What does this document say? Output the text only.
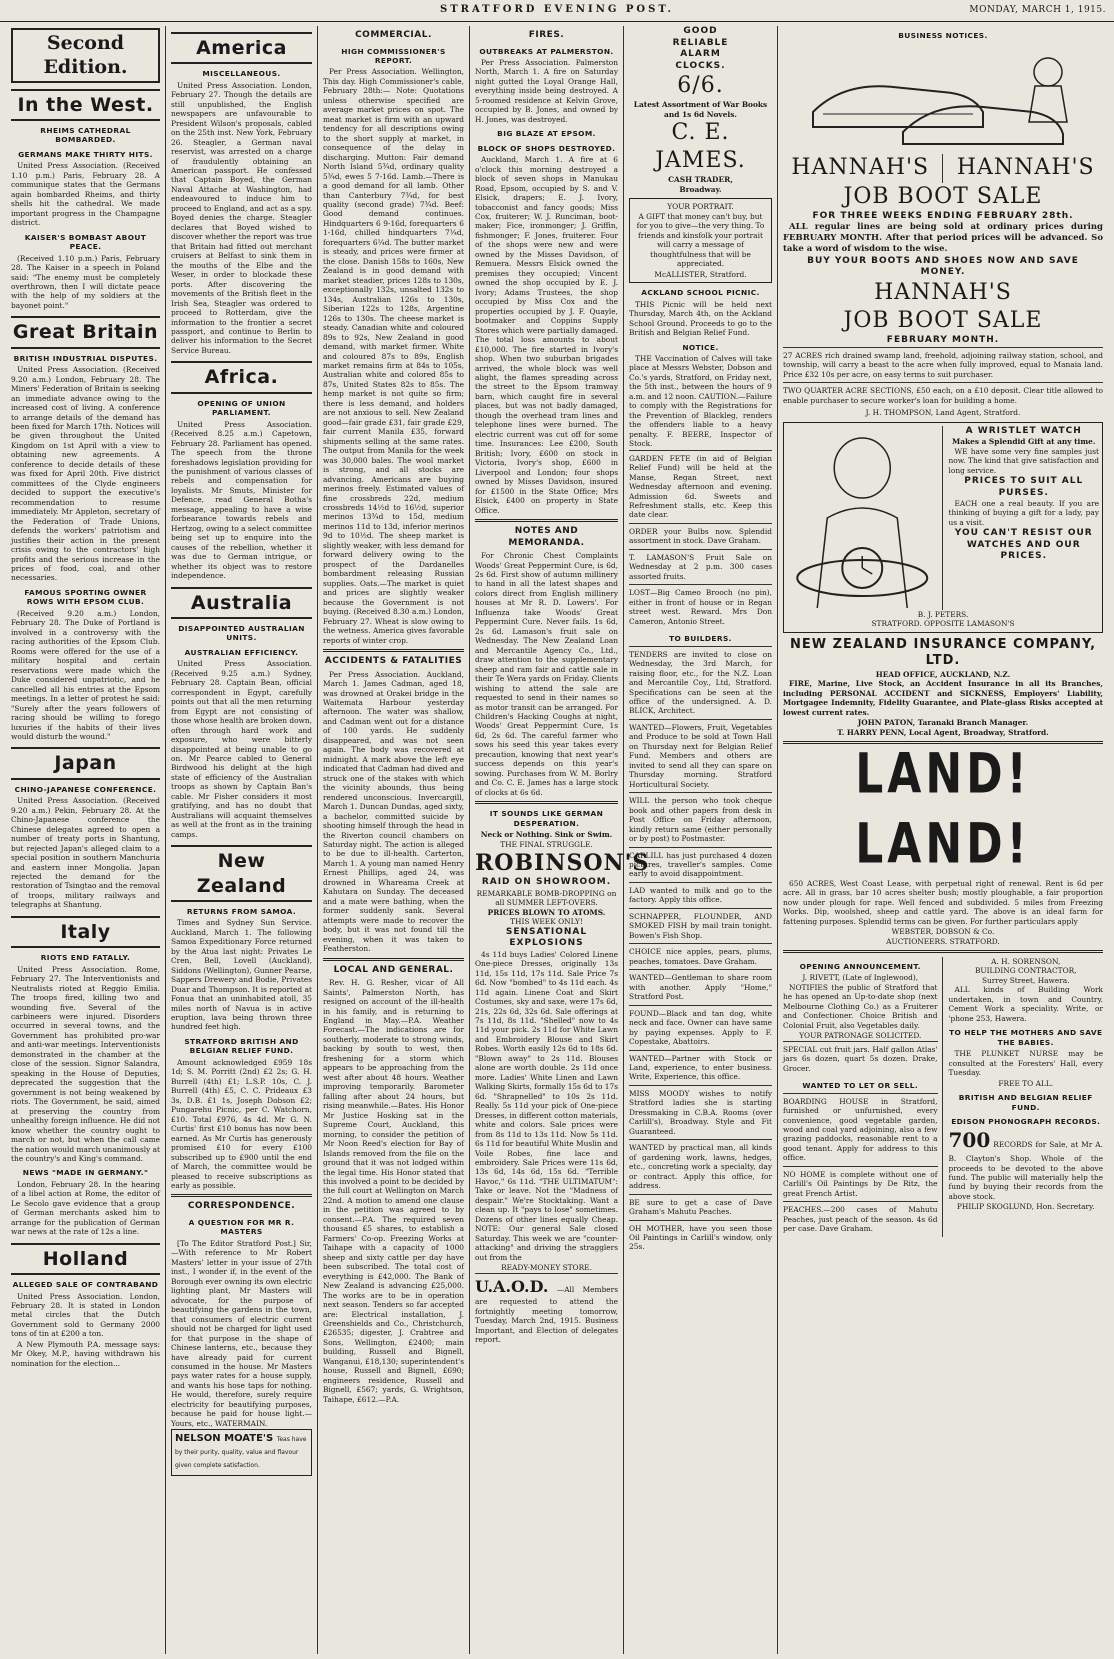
STRATFORD EVENING POST.	MONDAY, MARCH 1, 1915.
Second Edition.
In the West.
RHEIMS CATHEDRAL BOMBARDED.
GERMANS MAKE THIRTY HITS.

United Press Association. (Received 1.10 p.m.) Paris, February 28. A communique states that the Germans again bombarded Rheims, and thirty shells hit the cathedral. We made important progress in the Champagne district.

KAISER'S BOMBAST ABOUT PEACE.

(Received 1.10 p.m.) Paris, February 28. The Kaiser in a speech in Poland said: "The enemy must be completely overthrown, then I will dictate peace with the help of my soldiers at the bayonet point."

Great Britain
BRITISH INDUSTRIAL DISPUTES.

United Press Association. (Received 9.20 a.m.) London, February 28. The Miners' Federation of Britain is seeking an immediate advance owing to the increased cost of living. A conference to arrange details of the demand has been fixed for March 17th. Notices will be given throughout the United Kingdom on 1st April with a view to obtaining new agreements. A conference to decide details of these was fixed for April 20th. Five district committees of the Clyde engineers decided to support the executive's recommendation to resume immediately. Mr Appleton, secretary of the Federation of Trade Unions, defends the workers' patriotism and justifies their action in the present crisis owing to the contractors' high profits and the serious increase in the prices of food, coal, and other necessaries.

FAMOUS SPORTING OWNER ROWS WITH EPSOM CLUB.

(Received 9.20 a.m.) London, February 28. The Duke of Portland is involved in a controversy with the racing authorities of the Epsom Club. Rooms were offered for the use of a military hospital and certain reservations were made which the Duke considered unpatriotic, and he cancelled all his entries at the Epsom meetings. In a letter of protest he said: "Surely after the years followers of racing should be willing to forego luxuries if the habits of their lives would disturb the wound."

Japan
CHINO-JAPANESE CONFERENCE.

United Press Association. (Received 9.20 a.m.) Pekin, February 28. At the Chino-Japanese conference the Chinese delegates agreed to open a number of treaty ports in Shantung, but rejected Japan's alleged claim to a special position in southern Manchuria and eastern inner Mongolia. Japan rejected the demand for the restoration of Tsingtao and the removal of troops, military railways and telegraphs at Shantung.

Italy
RIOTS END FATALLY.

United Press Association. Rome, February 27. The Interventionists and Neutralists rioted at Reggio Emilia. The troops fired, killing two and wounding five. Several of the carbineers were injured. Disorders occurred in several towns, and the Government has prohibited pro-war and anti-war meetings. Interventionists demonstrated in the chamber at the close of the session. Signor Salandra, speaking in the House of Deputies, deprecated the suggestion that the government is not being weakened by riots. The Government, he said, aimed at preserving the country from unhealthy foreign influence. He did not know whether the country ought to march or not, but when the call came the nation would march unanimously at the country's and King's command.

NEWS "MADE IN GERMANY."

London, February 28. In the hearing of a libel action at Rome, the editor of Le Secolo gave evidence that a group of German merchants asked him to arrange for the publication of German war news at the rate of 12s a line.

Holland
ALLEGED SALE OF CONTRABAND

United Press Association. London, February 28. It is stated in London metal circles that the Dutch Government sold to Germany 2000 tons of tin at £200 a ton.

A New Plymouth P.A. message says: Mr Okey, M.P., having withdrawn his nomination for the election...

America
MISCELLANEOUS.

United Press Association. London, February 27. Though the details are still unpublished, the English newspapers are unfavourable to President Wilson's proposals, cabled on the 25th inst. New York, February 26. Steagler, a German naval reservist, was arrested on a charge of fraudulently obtaining an American passport. He confessed that Captain Boyed, the German Naval Attache at Washington, had endeavoured to induce him to proceed to England, and act as a spy. Boyed denies the charge. Steagler declares that Boyed wished to discover whether the report was true that Britain had fitted out merchant cruisers at Belfast to sink them in the mouths of the Elbe and the Weser, in order to blockade these ports. After discovering the movements of the British fleet in the Irish Sea, Steagler was ordered to proceed to Rotterdam, give the information to the frontier a secret passport, and continue to Berlin to deliver his information to the Secret Service Bureau.

Africa.
OPENING OF UNION PARLIAMENT.

United Press Association. (Received 8.25 a.m.) Capetown, February 28. Parliament has opened. The speech from the throne foreshadows legislation providing for the punishment of various classes of rebels and compensation for loyalists. Mr Smuts, Minister for Defence, read General Botha's message, appealing to have a wise forbearance towards rebels and Hertzog, owing to a select committee being set up to enquire into the causes of the rebellion, whether it was due to German intrigue, or whether its object was to restore independence.

Australia
DISAPPOINTED AUSTRALIAN UNITS.
AUSTRALIAN EFFICIENCY.

United Press Association. (Received 9.25 a.m.) Sydney, February 28. Captain Bean, official correspondent in Egypt, carefully points out that all the men returning from Egypt are not consisting of those whose health are broken down, often through hard work and exposure, who were bitterly disappointed at being unable to go on. Mr Pearce cabled to General Birdwood his delight at the high state of efficiency of the Australian troops as shown by Captain Ban's cable. Mr Fisher considers it most gratifying, and has no doubt that Australians will acquaint themselves as well at the front as in the training camps.

New Zealand
RETURNS FROM SAMOA.

Times and Sydney Sun Service. Auckland, March 1. The following Samoa Expeditionary Force returned by the Atua last night: Privates Le Cren, Bell, Lovell (Auckland), Siddons (Wellington), Gunner Pearse, Sappers Drewery and Bodie, Privates Duar and Thompson. It is reported at Fonua that an uninhabited atoll, 35 miles north of Navua is in active eruption, lava being thrown three hundred feet high.

STRATFORD BRITISH AND BELGIAN RELIEF FUND.

Amount acknowledged £959 18s 1d; S. M. Porritt (2nd) £2 2s; G. H. Burrell (4th) £1; L.S.P. 10s, C. J. Burrell (4th) £5, C. C. Prideaux £3 3s, D.B. £1 1s, Joseph Dobson £2; Pungarehu Picnic, per C. Watchorn, £10. Total £976, 4s 4d. Mr G. N. Curtis' first £10 bonus has now been earned. As Mr Curtis has generously promised £10 for every £100 subscribed up to £900 until the end of March, the committee would be pleased to receive subscriptions as early as possible.

CORRESPONDENCE.
A QUESTION FOR MR R. MASTERS

[To The Editor Stratford Post.] Sir,—With reference to Mr Robert Masters' letter in your issue of 27th inst., I wonder if, in the event of the Borough ever owning its own electric lighting plant, Mr Masters will advocate, for the purpose of beautifying the gardens in the town, that consumers of electric current should not be charged for light used for that purpose in the shape of Chinese lanterns, etc., because they have already paid for current consumed in the house. Mr Masters pays water rates for a house supply, and wants his hose taps for nothing. He would, therefore, surely require electricity for beautifying purposes, because he paid for house light.—Yours, etc., WATERMAIN.

NELSON MOATE'S Teas have by their purity, quality, value and flavour given complete satisfaction.
COMMERCIAL.
HIGH COMMISSIONER'S REPORT.

Per Press Association. Wellington, This day. High Commissioner's cable, February 28th:— Note: Quotations unless otherwise specified are average market prices on spot. The meat market is firm with an upward tendency for all descriptions owing to the short supply at market, in consequence of the delay in discharging. Mutton: Fair demand North Island 5¾d, ordinary quality 5¾d, ewes 5 7-16d. Lamb.—There is a good demand for all lamb. Other than Canterbury 7¾d, for best quality (second grade) 7¾d. Beef: Good demand continues. Hindquarters 6 9-16d, forequarters 6 1-16d, chilled hindquarters 7¼d, forequarters 6¼d. The butter market is steady, and prices were firmer at the close. Danish 158s to 160s, New Zealand is in good demand with market steadier, prices 128s to 130s, exceptionally 132s, unsalted 132s to 134s, Australian 126s to 130s, Siberian 122s to 128s, Argentine 126s to 130s. The cheese market is steady. Canadian white and coloured 89s to 92s, New Zealand in good demand, with market firmer. White and coloured 87s to 89s, English market remains firm at 84s to 105s, Australian white and colored 85s to 87s, United States 82s to 85s. The hemp market is not quite so firm; there is less demand, and holders are not anxious to sell. New Zealand good—fair grade £31, fair grade £29, fair current Manila £35, forward shipments selling at the same rates. The output from Manila for the week was 30,000 bales. The wool market is strong, and all stocks are advancing. Americans are buying merinos freely. Estimated values of fine crossbreds 22d, medium crossbreds 14½d to 16½d, superior merinos 13¾d to 15d, medium merinos 11d to 13d, inferior merinos 9d to 10½d. The sheep market is slightly weaker, with less demand for forward delivery owing to the prospect of the Dardanelles bombardment releasing Russian supplies. Oats.—The market is quiet and prices are slightly weaker because the Government is not buying. (Received 8.30 a.m.) London, February 27. Wheat is slow owing to the wetness. America gives favorable reports of winter crop.

ACCIDENTS & FATALITIES

Per Press Association. Auckland, March 1. James Cadman, aged 18, was drowned at Orakei bridge in the Waitemata Harbour yesterday afternoon. The water was shallow, and Cadman went out for a distance of 100 yards. He suddenly disappeared, and was not seen again. The body was recovered at midnight. A mark above the left eye indicated that Cadman had dived and struck one of the stakes with which the vicinity abounds, thus being rendered unconscious. Invercargill, March 1. Duncan Dundas, aged sixty, a bachelor, committed suicide by shooting himself through the head in the Riverton council chambers on Saturday night. The action is alleged to be due to ill-health. Carterton, March 1. A young man named Henry Ernest Phillips, aged 24, was drowned in Whareama Creek at Kahutara on Sunday. The deceased and a mate were bathing, when the former suddenly sank. Several attempts were made to recover the body, but it was not found till the evening, when it was taken to Featherston.

LOCAL AND GENERAL.

Rev. H. G. Resher, vicar of All Saints', Palmerston North, has resigned on account of the ill-health in his family, and is returning to England in May.—P.A. Weather Forecast.—The indications are for southerly, moderate to strong winds, backing by south to west, then freshening for a storm which appears to be approaching from the west after about 48 hours. Weather improving temporarily. Barometer falling after about 24 hours, but rising meanwhile.—Bates. His Honor Mr Justice Hosking sat in the Supreme Court, Auckland, this morning, to consider the petition of Mr Noon Reed's election for Bay of Islands removed from the file on the ground that it was not lodged within the legal time. His Honor stated that this involved a point to be decided by the full court at Wellington on March 22nd. A motion to amend one clause in the petition was agreed to by consent.—P.A. The required seven thousand £5 shares, to establish a Farmers' Co-op. Freezing Works at Taihape with a capacity of 1000 sheep and sixty cattle per day have been subscribed. The total cost of everything is £42,000. The Bank of New Zealand is advancing £25,000. The works are to be in operation next season. Tenders so far accepted are: Electrical installation, J. Greenshields and Co., Christchurch, £26535; digester, J. Crabtree and Sons, Wellington, £2400; main building, Russell and Bignell, Wanganui, £18,130; superintendent's house, Russell and Bignell, £690; engineers residence, Russell and Bignell, £567; yards, G. Wrightson, Taihape, £612.—P.A.

FIRES.
OUTBREAKS AT PALMERSTON.

Per Press Association. Palmerston North, March 1. A fire on Saturday night gutted the Loyal Orange Hall, everything inside being destroyed. A 5-roomed residence at Kelvin Grove, occupied by B. Jones, and owned by H. Jones, was destroyed.

BIG BLAZE AT EPSOM.
BLOCK OF SHOPS DESTROYED.

Auckland, March 1. A fire at 6 o'clock this morning destroyed a block of seven shops in Manukau Road, Epsom, occupied by S. and V. Elsick, drapers; E. J. Ivory, tobacconist and fancy goods; Miss Cox, fruiterer; W. J. Runciman, boot-maker; Fice, ironmonger; J. Griffin, fishmonger; F. Jones, fruiterer. Four of the shops were new and were owned by the Misses Davidson, of Remuera. Messrs Elsick owned the premises they occupied; Vincent owned the shop occupied by E. J. Ivory; Adams Trustees, the shop occupied by Miss Cox and the properties occupied by J. F. Quayle, bootmaker and Coppins Supply Stores which were partially damaged. The total loss amounts to about £10,000. The fire started in Ivory's shop. When two suburban brigades arrived, the whole block was well alight, the flames spreading across the street to the Epsom tramway barn, which caught fire in several places, but was not badly damaged, though the overhead tram lines and telephone lines were burned. The electric current was cut off for some time. Insurances: Lee £200, South British; Ivory, £600 on stock in Victoria, Ivory's shop, £600 in Liverpool and London; four shops owned by Misses Davidson, insured for £1500 in the State Office; Mrs Elsick, £400 on property in State Office.

NOTES AND MEMORANDA.

For Chronic Chest Complaints Woods' Great Peppermint Cure, is 6d, 2s 6d. First show of autumn millinery to hand in all the latest shapes and colors direct from English millinery houses at Mr R. D. Lowers'. For Influenza take Woods' Great Peppermint Cure. Never fails. 1s 6d, 2s 6d. Lamason's fruit sale on Wednesday. The New Zealand Loan and Mercantile Agency Co., Ltd., draw attention to the supplementary sheep and ram fair and cattle sale in their Te Wera yards on Friday. Clients wishing to attend the sale are requested to send in their names so as motor transit can be arranged. For Children's Hacking Coughs at night, Woods' Great Peppermint Cure, 1s 6d, 2s 6d. The careful farmer who sows his seed this year takes every precaution, knowing that next year's success depends on this year's sowing. Purchases from W. M. Borlry and Co. C. E. James has a large stock of clocks at 6s 6d.

IT SOUNDS LIKE GERMAN DESPERATION.
Neck or Nothing. Sink or Swim.
THE FINAL STRUGGLE.
ROBINSON'S
RAID ON SHOWROOM.
REMARKABLE BOMB-DROPPING on all SUMMER LEFT-OVERS.
PRICES BLOWN TO ATOMS.
THIS WEEK ONLY!
SENSATIONAL EXPLOSIONS

4s 11d buys Ladies' Colored Linene One-piece Dresses, originally 13s 11d, 15s 11d, 17s 11d. Sale Price 7s 6d. Now "bombed" to 4s 11d each. 4s 11d again. Linene Coat and Skirt Costumes, sky and saxe, were 17s 6d, 21s, 22s 6d, 32s 6d. Sale offerings at 7s 11d, 8s 11d. "Shelled" now to 4s 11d your pick. 2s 11d for White Lawn and Embroidery Blouse and Skirt Robes. Worth easily 12s 6d to 18s 6d. "Blown away" to 2s 11d. Blouses alone are worth double. 2s 11d once more. Ladies' White Linen and Lawn Walking Skirts, formally 15s 6d to 17s 6d. "Shrapnelled" to 10s 2s 11d. Really. 5s 11d your pick of One-piece Dresses, in different cotton materials, white and colors. Sale prices were from 8s 11d to 13s 11d. Now 5s 11d. 6s 11d for beautiful White Muslin and Voile Robes, fine lace and embroidery. Sale Prices were 11s 6d, 13s 6d, 14s 6d, 15s 6d. "Terrible Havoc," 6s 11d. "THE ULTIMATUM": Take or leave. Not the "Madness of despair." We're Stocktaking. Want a clean up. It "pays to lose" sometimes. Dozens of other lines equally Cheap. NOTE: Our general Sale closed Saturday. This week we are "counter-attacking" and driving the stragglers out from the

READY-MONEY STORE.
U.A.O.D. —All Members are requested to attend the fortnightly meeting tomorrow, Tuesday, March 2nd, 1915. Business Important, and Election of delegates report.
GOOD
RELIABLE
ALARM
CLOCKS.
6/6.
Latest Assortment of War Books and 1s 6d Novels.
C. E. JAMES.
CASH TRADER,
Broadway.
YOUR PORTRAIT.

A GIFT that money can't buy, but for you to give—the very thing. To friends and kinsfolk your portrait will carry a message of thoughtfulness that will be appreciated.

McALLISTER, Stratford.
ACKLAND SCHOOL PICNIC.

THIS Picnic will be held next Thursday, March 4th, on the Ackland School Ground. Proceeds to go to the British and Belgian Relief Fund.

NOTICE.

THE Vaccination of Calves will take place at Messrs Webster, Dobson and Co.'s yards, Stratford, on Friday next, the 5th inst., between the hours of 9 a.m. and 12 noon. CAUTION.—Failure to comply with the Registrations for the Prevention of Blackleg, renders the offenders liable to a heavy penalty. F. BEERE, Inspector of Stock.

GARDEN FETE (in aid of Belgian Relief Fund) will be held at the Manse, Regan Street, next Wednesday afternoon and evening. Admission 6d. Sweets and Refreshment stalls, etc. Keep this date clear.
ORDER your Bulbs now. Splendid assortment in stock. Dave Graham.
T. LAMASON'S Fruit Sale on Wednesday at 2 p.m. 300 cases assorted fruits.
LOST—Big Cameo Brooch (no pin), either in front of house or in Regan street west. Reward. Mrs Don Cameron, Antonio Street.
TO BUILDERS.
TENDERS are invited to close on Wednesday, the 3rd March, for raising floor, etc., for the N.Z. Loan and Mercantile Coy., Ltd, Stratford. Specifications can be seen at the office of the undersigned. A. D. BLICK, Architect.
WANTED—Flowers, Fruit, Vegetables and Produce to be sold at Town Hall on Thursday next for Belgian Relief Fund. Members and others are invited to send all they can spare on Thursday morning. Stratford Horticultural Society.
WILL the person who took cheque book and other papers from desk in Post Office on Friday afternoon, kindly return same (either personally or by post) to Postmaster.
CARLILL has just purchased 4 dozen pictures, traveller's samples. Come early to avoid disappointment.
LAD wanted to milk and go to the factory. Apply this office.
SCHNAPPER, FLOUNDER, AND SMOKED FISH by mail train tonight. Bowen's Fish Shop.
CHOICE nice apples, pears, plums, peaches, tomatoes. Dave Graham.
WANTED—Gentleman to share room with another. Apply "Home," Stratford Post.
FOUND—Black and tan dog, white neck and face. Owner can have same by paying expenses. Apply to F. Copestake, Abattoirs.
WANTED—Partner with Stock or Land, experience, to enter business. Write, Experience, this office.
MISS MOODY wishes to notify Stratford ladies she is starting Dressmaking in C.B.A. Rooms (over Carlill's), Broadway. Style and Fit Guaranteed.
WANTED by practical man, all kinds of gardening work, lawns, hedges, etc., concreting work a specialty, day or contract. Apply this office, for address.
BE sure to get a case of Dave Graham's Mahutu Peaches.
OH MOTHER, have you seen those Oil Paintings in Carlill's window, only 25s.
BUSINESS NOTICES.
HANNAH'S	HANNAH'S
JOB BOOT SALE
FOR THREE WEEKS ENDING FEBRUARY 28th.

ALL regular lines are being sold at ordinary prices during FEBRUARY MONTH. After that period prices will be advanced. So take a word of wisdom to the wise.

BUY YOUR BOOTS AND SHOES NOW AND SAVE MONEY.
HANNAH'S
JOB BOOT SALE
FEBRUARY MONTH.
27 ACRES rich drained swamp land, freehold, adjoining railway station, school, and township, will carry a beast to the acre when fully improved, equal to Manaia land. Price £32 10s per acre, on easy terms to suit purchaser.
TWO QUARTER ACRE SECTIONS, £50 each, on a £10 deposit. Clear title allowed to enable purchaser to secure worker's loan for building a home.
J. H. THOMPSON, Land Agent, Stratford.
A WRISTLET WATCH
Makes a Splendid Gift at any time.

WE have some very fine samples just now. The kind that give satisfaction and long service.

PRICES TO SUIT ALL PURSES.

EACH one a real beauty. If you are thinking of buying a gift for a lady, pay us a visit.

YOU CAN'T RESIST OUR WATCHES AND OUR PRICES.
B. J. PETERS.
STRATFORD. OPPOSITE LAMASON'S
NEW ZEALAND INSURANCE COMPANY, LTD.
HEAD OFFICE, AUCKLAND, N.Z.

FIRE, Marine, Live Stock, an Accident Insurance in all its Branches, including PERSONAL ACCIDENT and SICKNESS, Employers' Liability, Mortgagee Indemnity, Fidelity Guarantee, and Plate-glass Risks accepted at lowest current rates.

JOHN PATON, Taranaki Branch Manager.
T. HARRY PENN, Local Agent, Broadway, Stratford.
LAND! LAND!

650 ACRES, West Coast Lease, with perpetual right of renewal. Rent is 6d per acre. All in grass, bar 10 acres shelter bush; mostly ploughable, a fair proportion now under plough for rape. Well fenced and subdivided. 5 miles from Freezing Works. Dip, woolshed, sheep and cattle yard. The above is an ideal farm for fattening purposes. Splendid terms can be given. For further particulars apply

WEBSTER, DOBSON & Co.
AUCTIONEERS. STRATFORD.
OPENING ANNOUNCEMENT.
J. RIVETT, (Late of Inglewood),

NOTIFIES the public of Stratford that he has opened an Up-to-date shop (next Melbourne Clothing Co.) as a Fruiterer and Confectioner. Choice British and Colonial Fruit, also Vegetables daily.

YOUR PATRONAGE SOLICITED.
SPECIAL cut fruit jars. Half gallon Atlas' jars 6s dozen, quart 5s dozen. Drake, Grocer.
WANTED TO LET OR SELL.
BOARDING HOUSE in Stratford, furnished or unfurnished, every convenience, good vegetable garden, wood and coal yard adjoining, also a few grazing paddocks, reasonable rent to a good tenant. Apply for address to this office.
NO HOME is complete without one of Carlill's Oil Paintings by De Ritz, the great French Artist.
PEACHES.—200 cases of Mahutu Peaches, just peach of the season. 4s 6d per case. Dave Graham.
A. H. SORENSON,
BUILDING CONTRACTOR,
Surrey Street, Hawera.

ALL kinds of Building Work undertaken, in town and Country. Cement Work a speciality. Write, or 'phone 253, Hawera.

TO HELP THE MOTHERS AND SAVE THE BABIES.

THE PLUNKET NURSE may be consulted at the Foresters' Hall, every Tuesday.

FREE TO ALL.
BRITISH AND BELGIAN RELIEF FUND.
EDISON PHONOGRAPH RECORDS.

700 RECORDS for Sale, at Mr A. B. Clayton's Shop. Whole of the proceeds to be devoted to the above fund. The public will materially help the fund by buying their records from the above stock.

PHILIP SKOGLUND, Hon. Secretary.
